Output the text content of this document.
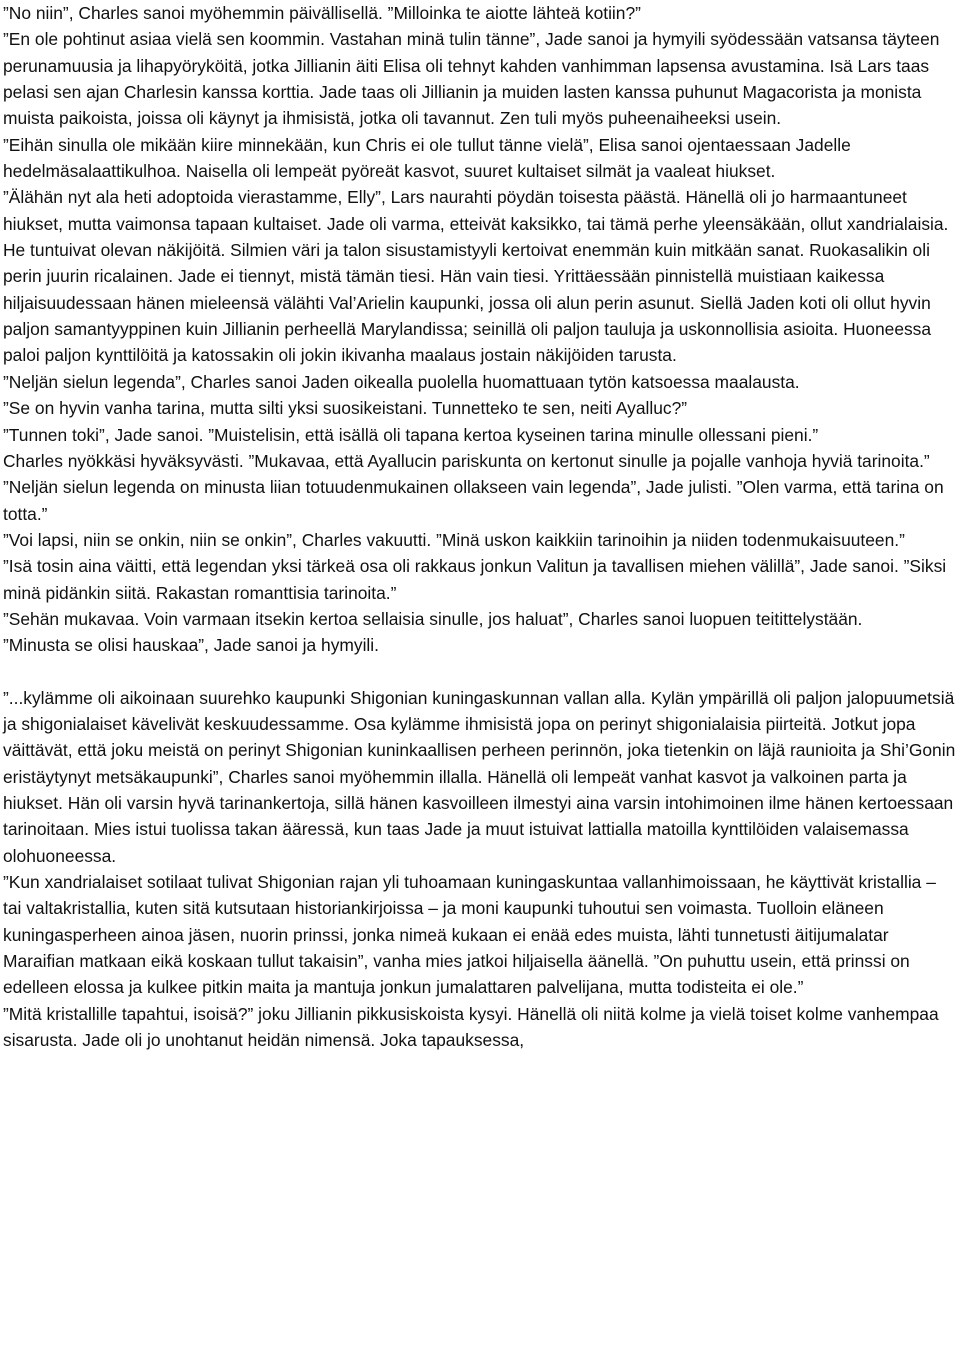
”No niin”, Charles sanoi myöhemmin päivällisellä. ”Milloinka te aiotte lähteä kotiin?”

”En ole pohtinut asiaa vielä sen koommin. Vastahan minä tulin tänne”, Jade sanoi ja hymyili syödessään vatsansa täyteen perunamuusia ja lihapyöryköitä, jotka Jillianin äiti Elisa oli tehnyt kahden vanhimman lapsensa avustamina. Isä Lars taas pelasi sen ajan Charlesin kanssa korttia. Jade taas oli Jillianin ja muiden lasten kanssa puhunut Magacorista ja monista muista paikoista, joissa oli käynyt ja ihmisistä, jotka oli tavannut. Zen tuli myös puheenaiheeksi usein.

”Eihän sinulla ole mikään kiire minnekään, kun Chris ei ole tullut tänne vielä”, Elisa sanoi ojentaessaan Jadelle hedelmäsalaattikulhoa. Naisella oli lempeät pyöreät kasvot, suuret kultaiset silmät ja vaaleat hiukset.

”Älähän nyt ala heti adoptoida vierastamme, Elly”, Lars naurahti pöydän toisesta päästä. Hänellä oli jo harmaantuneet hiukset, mutta vaimonsa tapaan kultaiset. Jade oli varma, etteivät kaksikko, tai tämä perhe yleensäkään, ollut xandrialaisia. He tuntuivat olevan näkijöitä. Silmien väri ja talon sisustamistyyli kertoivat enemmän kuin mitkään sanat. Ruokasalikin oli perin juurin ricalainen. Jade ei tiennyt, mistä tämän tiesi. Hän vain tiesi. Yrittäessään pinnistellä muistiaan kaikessa hiljaisuudessaan hänen mieleensä välähti Val’Arielin kaupunki, jossa oli alun perin asunut. Siellä Jaden koti oli ollut hyvin paljon samantyyppinen kuin Jillianin perheellä Marylandissa; seinillä oli paljon tauluja ja uskonnollisia asioita. Huoneessa paloi paljon kynttilöitä ja katossakin oli jokin ikivanha maalaus jostain näkijöiden tarusta.

”Neljän sielun legenda”, Charles sanoi Jaden oikealla puolella huomattuaan tytön katsoessa maalausta.

”Se on hyvin vanha tarina, mutta silti yksi suosikeistani. Tunnetteko te sen, neiti Ayalluc?”

”Tunnen toki”, Jade sanoi. ”Muistelisin, että isällä oli tapana kertoa kyseinen tarina minulle ollessani pieni.”

Charles nyökkäsi hyväksyvästi. ”Mukavaa, että Ayallucin pariskunta on kertonut sinulle ja pojalle vanhoja hyviä tarinoita.”

”Neljän sielun legenda on minusta liian totuudenmukainen ollakseen vain legenda”, Jade julisti. ”Olen varma, että tarina on totta.”

”Voi lapsi, niin se onkin, niin se onkin”, Charles vakuutti. ”Minä uskon kaikkiin tarinoihin ja niiden todenmukaisuuteen.”

”Isä tosin aina väitti, että legendan yksi tärkeä osa oli rakkaus jonkun Valitun ja tavallisen miehen välillä”, Jade sanoi. ”Siksi minä pidänkin siitä. Rakastan romanttisia tarinoita.”

”Sehän mukavaa. Voin varmaan itsekin kertoa sellaisia sinulle, jos haluat”, Charles sanoi luopuen teitittelystään.

”Minusta se olisi hauskaa”, Jade sanoi ja hymyili.

”...kylämme oli aikoinaan suurehko kaupunki Shigonian kuningaskunnan vallan alla. Kylän ympärillä oli paljon jalopuumetsiä ja shigonialaiset kävelivät keskuudessamme. Osa kylämme ihmisistä jopa on perinyt shigonialaisia piirteitä. Jotkut jopa väittävät, että joku meistä on perinyt Shigonian kuninkaallisen perheen perinnön, joka tietenkin on läjä raunioita ja Shi’Gonin eristäytynyt metsäkaupunki”, Charles sanoi myöhemmin illalla. Hänellä oli lempeät vanhat kasvot ja valkoinen parta ja hiukset. Hän oli varsin hyvä tarinankertoja, sillä hänen kasvoilleen ilmestyi aina varsin intohimoinen ilme hänen kertoessaan tarinoitaan. Mies istui tuolissa takan ääressä, kun taas Jade ja muut istuivat lattialla matoilla kynttilöiden valaisemassa olohuoneessa.

”Kun xandrialaiset sotilaat tulivat Shigonian rajan yli tuhoamaan kuningaskuntaa vallanhimoissaan, he käyttivät kristallia – tai valtakristallia, kuten sitä kutsutaan historiankirjoissa – ja moni kaupunki tuhoutui sen voimasta. Tuolloin eläneen kuningasperheen ainoa jäsen, nuorin prinssi, jonka nimeä kukaan ei enää edes muista, lähti tunnetusti äitijumalatar Maraifian matkaan eikä koskaan tullut takaisin”, vanha mies jatkoi hiljaisella äänellä. ”On puhuttu usein, että prinssi on edelleen elossa ja kulkee pitkin maita ja mantuja jonkun jumalattaren palvelijana, mutta todisteita ei ole.”

”Mitä kristallille tapahtui, isoisä?” joku Jillianin pikkusiskoista kysyi. Hänellä oli niitä kolme ja vielä toiset kolme vanhempaa sisarusta. Jade oli jo unohtanut heidän nimensä. Joka tapauksessa,
